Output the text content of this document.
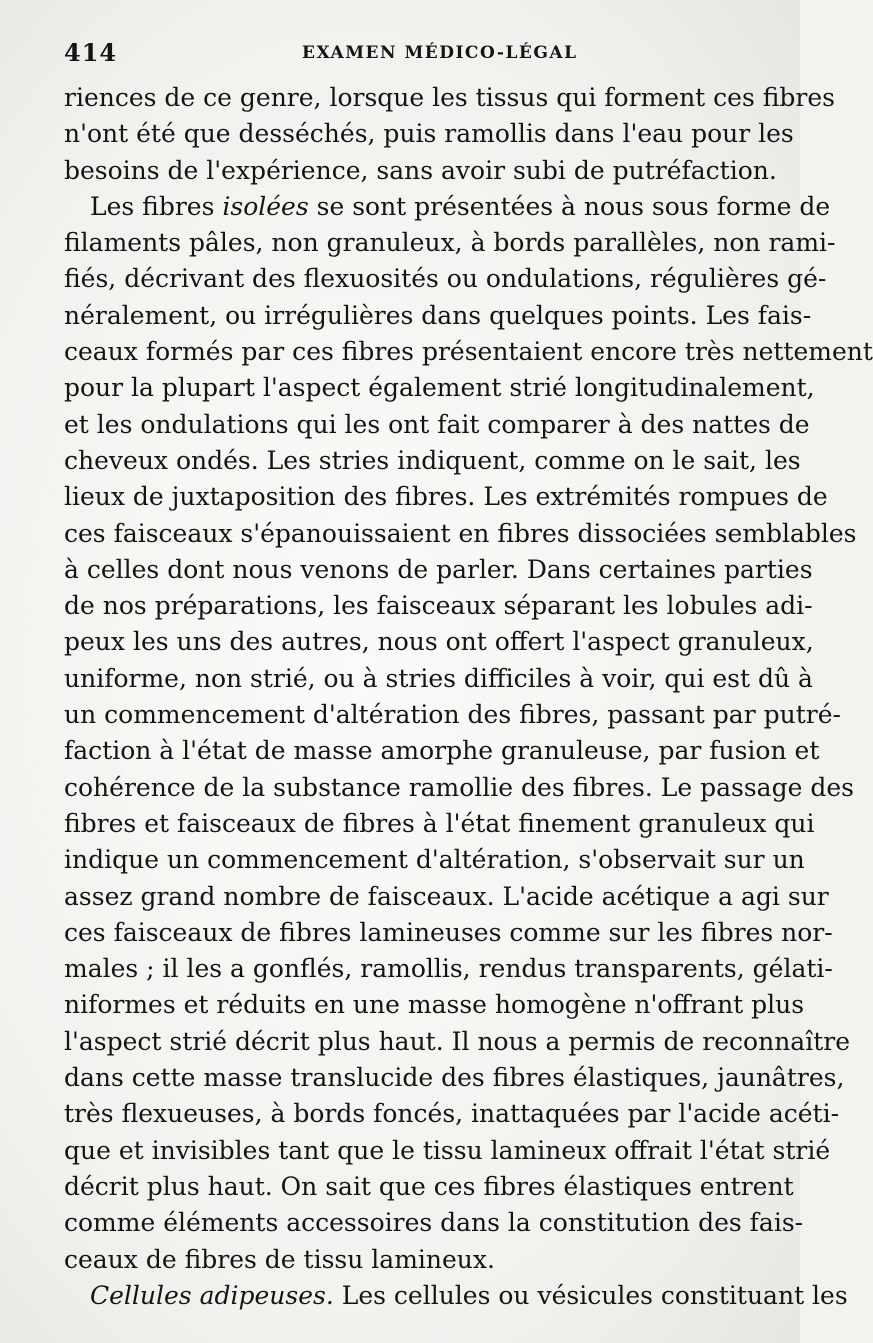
414	EXAMEN MÉDICO-LÉGAL
riences de ce genre, lorsque les tissus qui forment ces fibres
n'ont été que desséchés, puis ramollis dans l'eau pour les
besoins de l'expérience, sans avoir subi de putréfaction.
Les fibres isolées se sont présentées à nous sous forme de
filaments pâles, non granuleux, à bords parallèles, non rami-
fiés, décrivant des flexuosités ou ondulations, régulières gé-
néralement, ou irrégulières dans quelques points. Les fais-
ceaux formés par ces fibres présentaient encore très nettement
pour la plupart l'aspect également strié longitudinalement,
et les ondulations qui les ont fait comparer à des nattes de
cheveux ondés. Les stries indiquent, comme on le sait, les
lieux de juxtaposition des fibres. Les extrémités rompues de
ces faisceaux s'épanouissaient en fibres dissociées semblables
à celles dont nous venons de parler. Dans certaines parties
de nos préparations, les faisceaux séparant les lobules adi-
peux les uns des autres, nous ont offert l'aspect granuleux,
uniforme, non strié, ou à stries difficiles à voir, qui est dû à
un commencement d'altération des fibres, passant par putré-
faction à l'état de masse amorphe granuleuse, par fusion et
cohérence de la substance ramollie des fibres. Le passage des
fibres et faisceaux de fibres à l'état finement granuleux qui
indique un commencement d'altération, s'observait sur un
assez grand nombre de faisceaux. L'acide acétique a agi sur
ces faisceaux de fibres lamineuses comme sur les fibres nor-
males ; il les a gonflés, ramollis, rendus transparents, gélati-
niformes et réduits en une masse homogène n'offrant plus
l'aspect strié décrit plus haut. Il nous a permis de reconnaître
dans cette masse translucide des fibres élastiques, jaunâtres,
très flexueuses, à bords foncés, inattaquées par l'acide acéti-
que et invisibles tant que le tissu lamineux offrait l'état strié
décrit plus haut. On sait que ces fibres élastiques entrent
comme éléments accessoires dans la constitution des fais-
ceaux de fibres de tissu lamineux.
Cellules adipeuses. Les cellules ou vésicules constituant les
